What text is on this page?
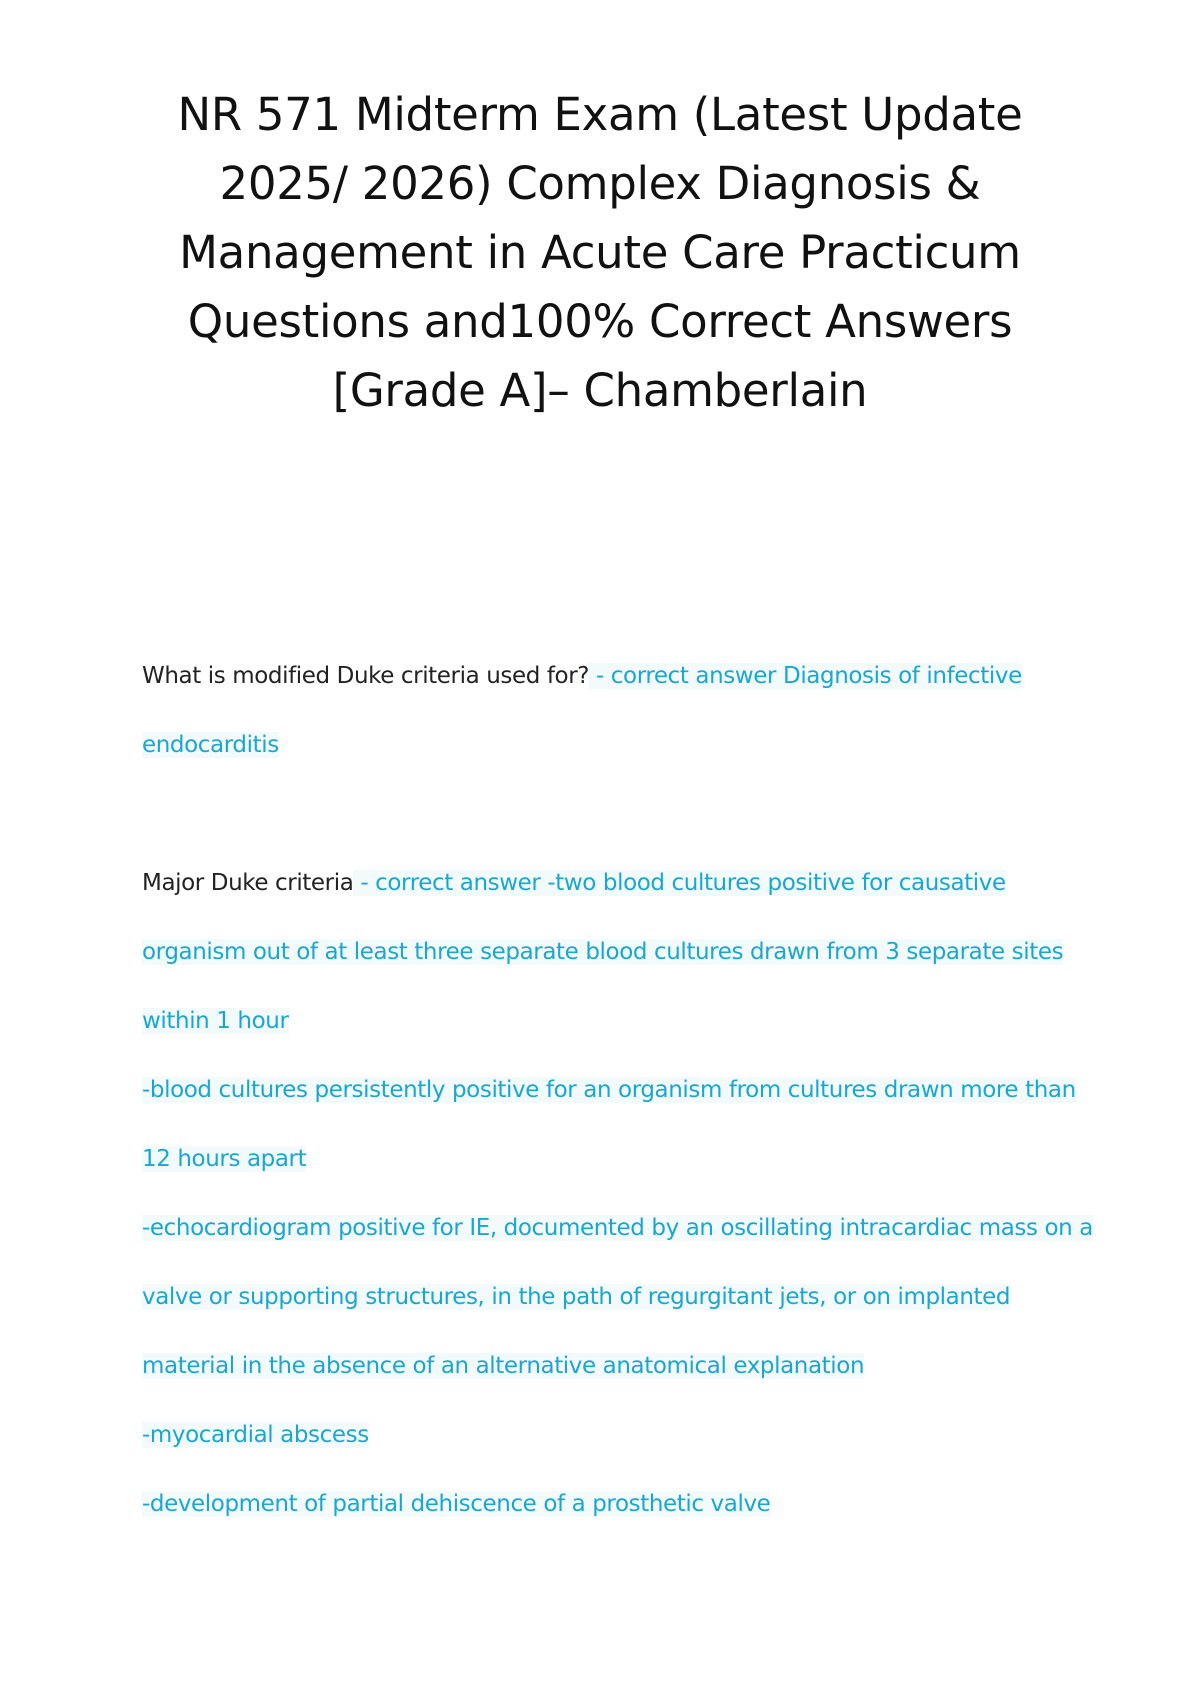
NR 571 Midterm Exam (Latest Update
2025/ 2026) Complex Diagnosis &
Management in Acute Care Practicum
Questions and100% Correct Answers
[Grade A]– Chamberlain
What is modified Duke criteria used for? - correct answer Diagnosis of infective
endocarditis
Major Duke criteria - correct answer -two blood cultures positive for causative
organism out of at least three separate blood cultures drawn from 3 separate sites
within 1 hour
-blood cultures persistently positive for an organism from cultures drawn more than
12 hours apart
-echocardiogram positive for IE, documented by an oscillating intracardiac mass on a
valve or supporting structures, in the path of regurgitant jets, or on implanted
material in the absence of an alternative anatomical explanation
-myocardial abscess
-development of partial dehiscence of a prosthetic valve
